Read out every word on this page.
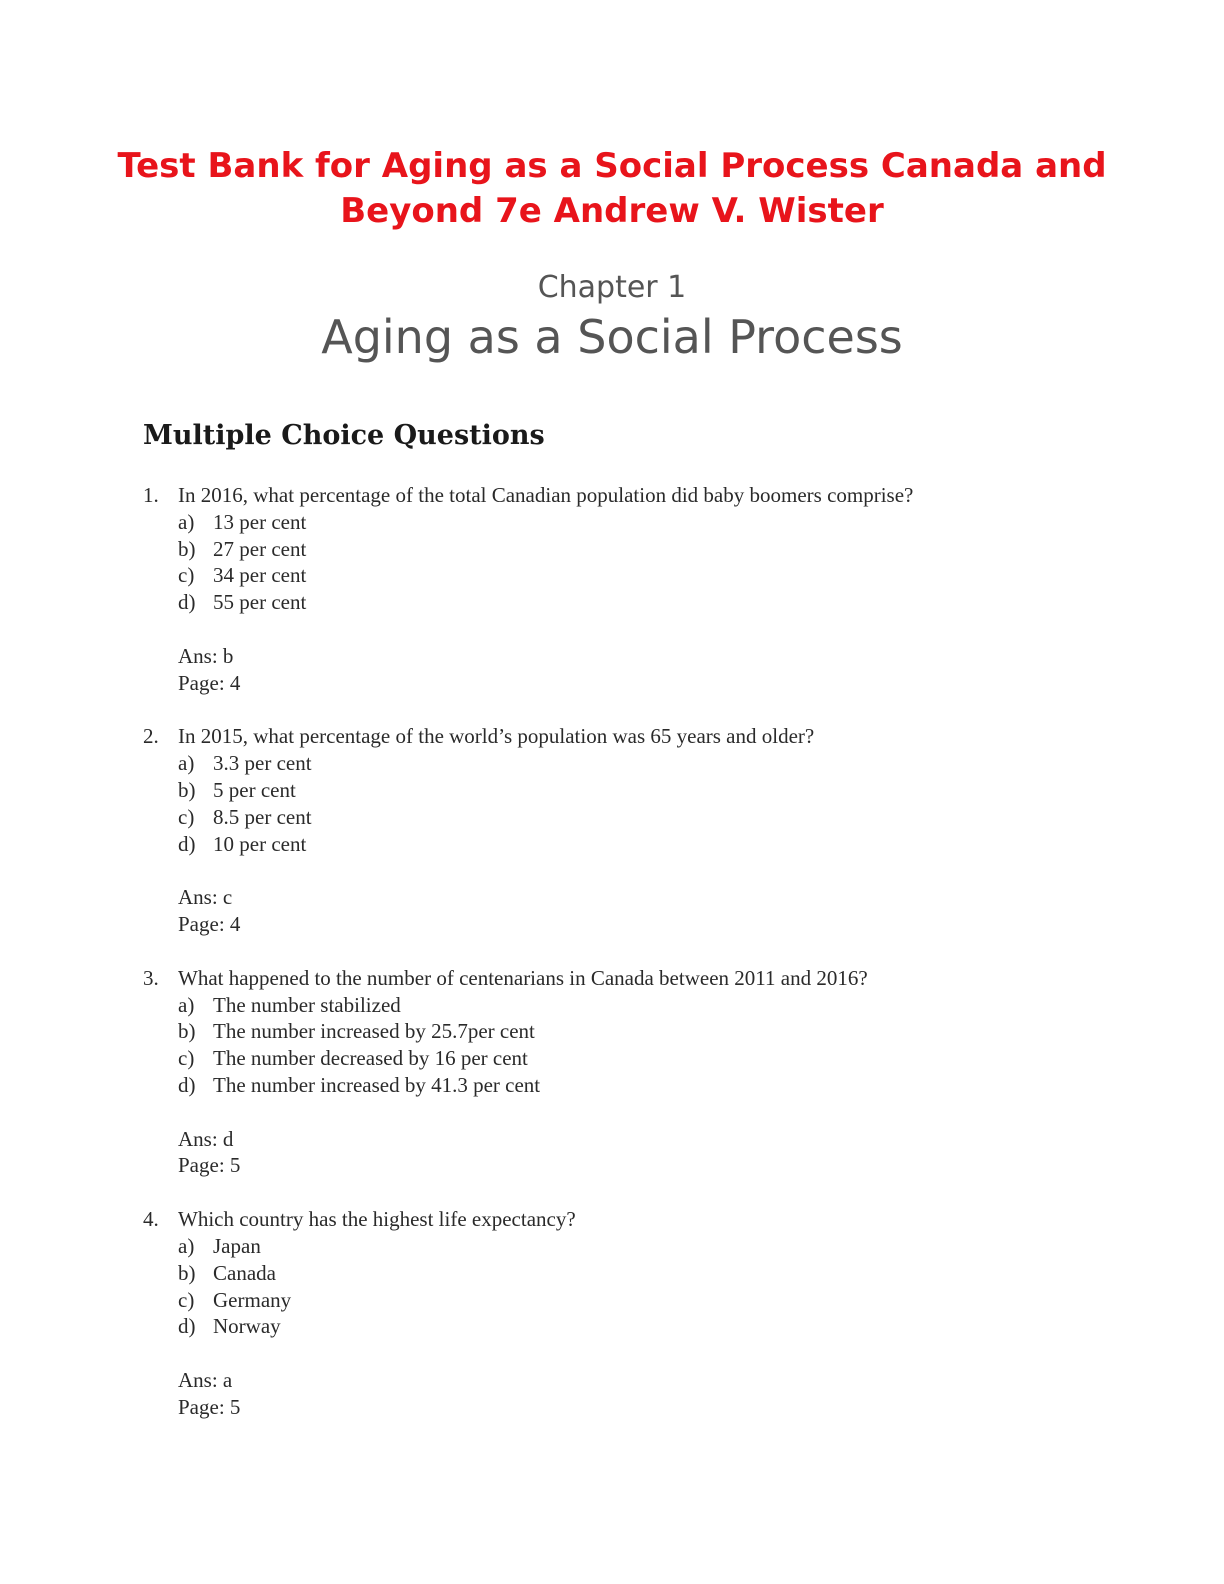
Test Bank for Aging as a Social Process Canada and
Beyond 7e Andrew V. Wister
Chapter 1
Aging as a Social Process
Multiple Choice Questions
1. In 2016, what percentage of the total Canadian population did baby boomers comprise?
a) 13 per cent
b) 27 per cent
c) 34 per cent
d) 55 per cent
Ans: b
Page: 4
2. In 2015, what percentage of the world’s population was 65 years and older?
a) 3.3 per cent
b) 5 per cent
c) 8.5 per cent
d) 10 per cent
Ans: c
Page: 4
3. What happened to the number of centenarians in Canada between 2011 and 2016?
a) The number stabilized
b) The number increased by 25.7per cent
c) The number decreased by 16 per cent
d) The number increased by 41.3 per cent
Ans: d
Page: 5
4. Which country has the highest life expectancy?
a) Japan
b) Canada
c) Germany
d) Norway
Ans: a
Page: 5
